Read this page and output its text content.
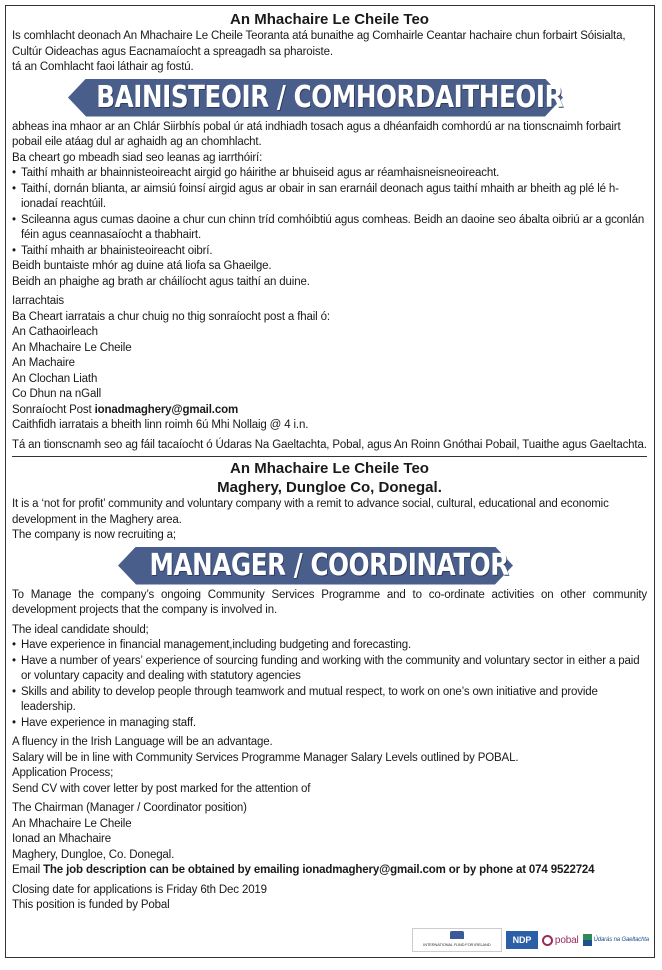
An Mhachaire Le Cheile Teo

Is comhlacht deonach An Mhachaire Le Cheile Teoranta atá bunaithe ag Comhairle Ceantar hachaire chun forbairt Sóisialta, Cultúr Oideachas agus Eacnamaíocht a spreagadh sa pharoiste.

tá an Comhlacht faoi láthair ag fostú.

BAINISTEOIR / COMHORDAITHEOIR

abheas ina mhaor ar an Chlár Siirbhís pobal úr atá indhiadh tosach agus a dhéanfaidh comhordú ar na tionscnaimh forbairt pobail eile atáag dul ar aghaidh ag an chomhlacht.

Ba cheart go mbeadh siad seo leanas ag iarrthóirí:

• Taithí mhaith ar bhainnisteoireacht airgid go háirithe ar bhuiseid agus ar réamhaisneisneoireacht.
• Taithí, dornán blianta, ar aimsiú foinsí airgid agus ar obair in san erarnáil deonach agus taithí mhaith ar bheith ag plé lé h-ionadaí reachtúil.
• Scileanna agus cumas daoine a chur cun chinn tríd comhóibtiú agus comheas. Beidh an daoine seo ábalta oibriú ar a gconlán féin agus ceannasaíocht a thabhairt.
• Taithí mhaith ar bhainisteoireacht oibrí.

Beidh buntaiste mhór ag duine atá liofa sa Ghaeilge.

Beidh an phaighe ag brath ar cháilíocht agus taithí an duine.

Iarrachtais

Ba Cheart iarratais a chur chuig no thig sonraíocht post a fhail ó:

An Cathaoirleach

An Mhachaire Le Cheile

An Machaire

An Clochan Liath

Co Dhun na nGall

Sonraíocht Post ionadmaghery@gmail.com

Caithfidh iarratais a bheith linn roimh 6ú Mhi Nollaig @ 4 i.n.

Tá an tionscnamh seo ag fáil tacaíocht ó Údaras Na Gaeltachta, Pobal, agus An Roinn Gnóthai Pobail, Tuaithe agus Gaeltachta.

An Mhachaire Le Cheile Teo
Maghery, Dungloe Co, Donegal.

It is a ‘not for profit’ community and voluntary company with a remit to advance social, cultural, educational and economic development in the Maghery area.

The company is now recruiting a;

MANAGER / COORDINATOR

To Manage the company’s ongoing Community Services Programme and to co-ordinate activities on other community development projects that the company is involved in.

The ideal candidate should;

• Have experience in financial management,including budgeting and forecasting.
• Have a number of years’ experience of sourcing funding and working with the community and voluntary sector in either a paid or voluntary capacity and dealing with statutory agencies
• Skills and ability to develop people through teamwork and mutual respect, to work on one’s own initiative and provide leadership.
• Have experience in managing staff.

A fluency in the Irish Language will be an advantage.

Salary will be in line with Community Services Programme Manager Salary Levels outlined by POBAL.

Application Process;

Send CV with cover letter by post marked for the attention of

The Chairman (Manager / Coordinator position)

An Mhachaire Le Cheile

Ionad an Mhachaire

Maghery, Dungloe, Co. Donegal.

Email The job description can be obtained by emailing ionadmaghery@gmail.com or by phone at 074 9522724

Closing date for applications is Friday 6th Dec 2019

This position is funded by Pobal

INTERNATIONAL FUND FOR IRELAND NDP pobal	Údarás na Gaeltachta
